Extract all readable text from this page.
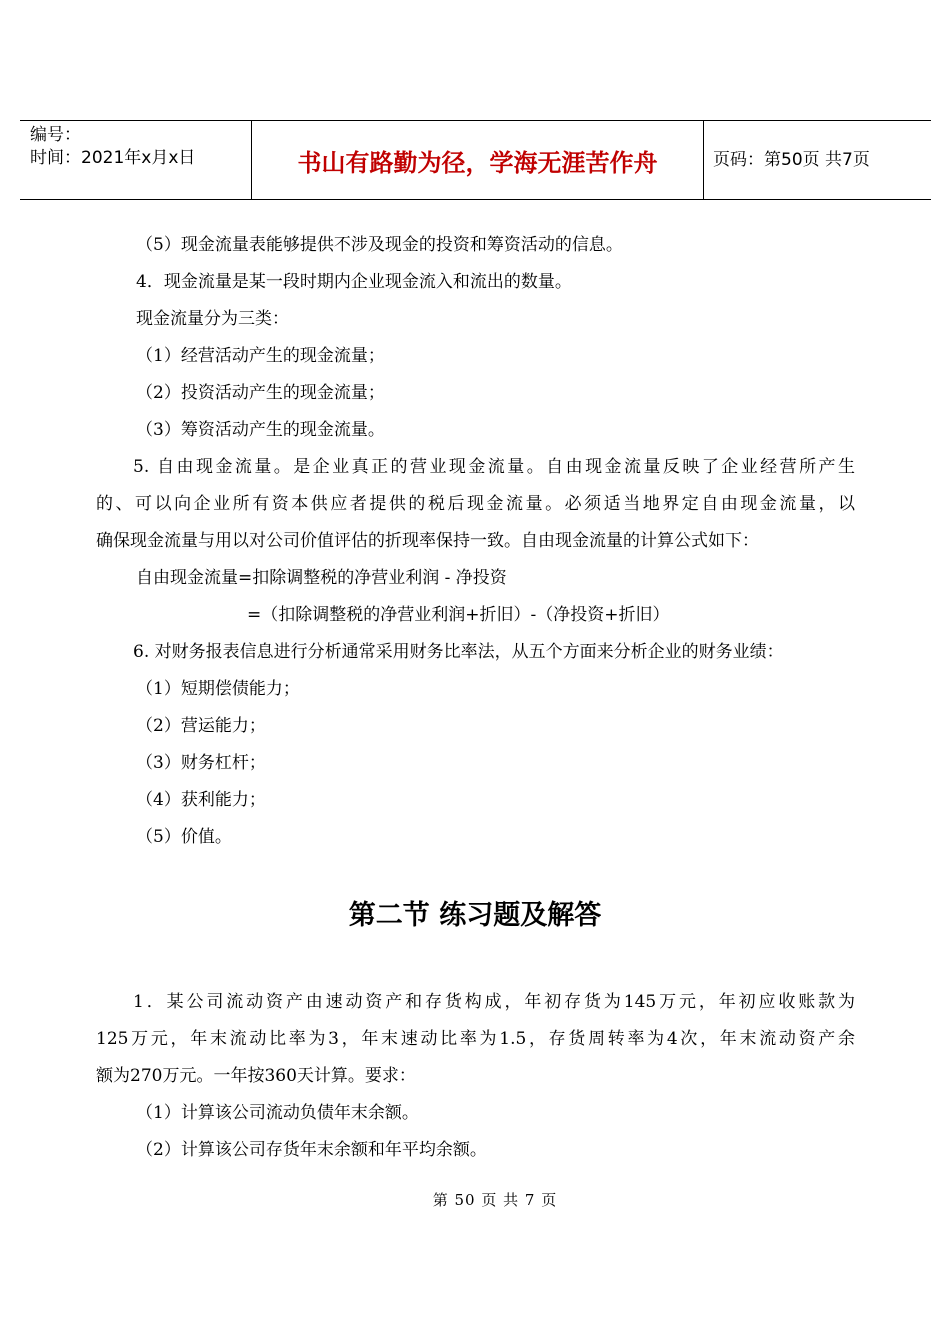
编号：
时间：2021年x月x日	书山有路勤为径，学海无涯苦作舟	页码：第50页 共7页
（5）现金流量表能够提供不涉及现金的投资和筹资活动的信息。
4．现金流量是某一段时期内企业现金流入和流出的数量。
现金流量分为三类：
（1）经营活动产生的现金流量；
（2）投资活动产生的现金流量；
（3）筹资活动产生的现金流量。
5. 自由现金流量。是企业真正的营业现金流量。自由现金流量反映了企业经营所产生
的、可以向企业所有资本供应者提供的税后现金流量。必须适当地界定自由现金流量，以
确保现金流量与用以对公司价值评估的折现率保持一致。自由现金流量的计算公式如下：
自由现金流量=扣除调整税的净营业利润 - 净投资
=（扣除调整税的净营业利润+折旧）-（净投资+折旧）
6. 对财务报表信息进行分析通常采用财务比率法，从五个方面来分析企业的财务业绩：
（1）短期偿债能力；
（2）营运能力；
（3）财务杠杆；
（4）获利能力；
（5）价值。
第二节 练习题及解答
1．某公司流动资产由速动资产和存货构成，年初存货为145万元，年初应收账款为
125万元，年末流动比率为3，年末速动比率为1.5，存货周转率为4次，年末流动资产余
额为270万元。一年按360天计算。要求：
（1）计算该公司流动负债年末余额。
（2）计算该公司存货年末余额和年平均余额。
第 50 页 共 7 页
